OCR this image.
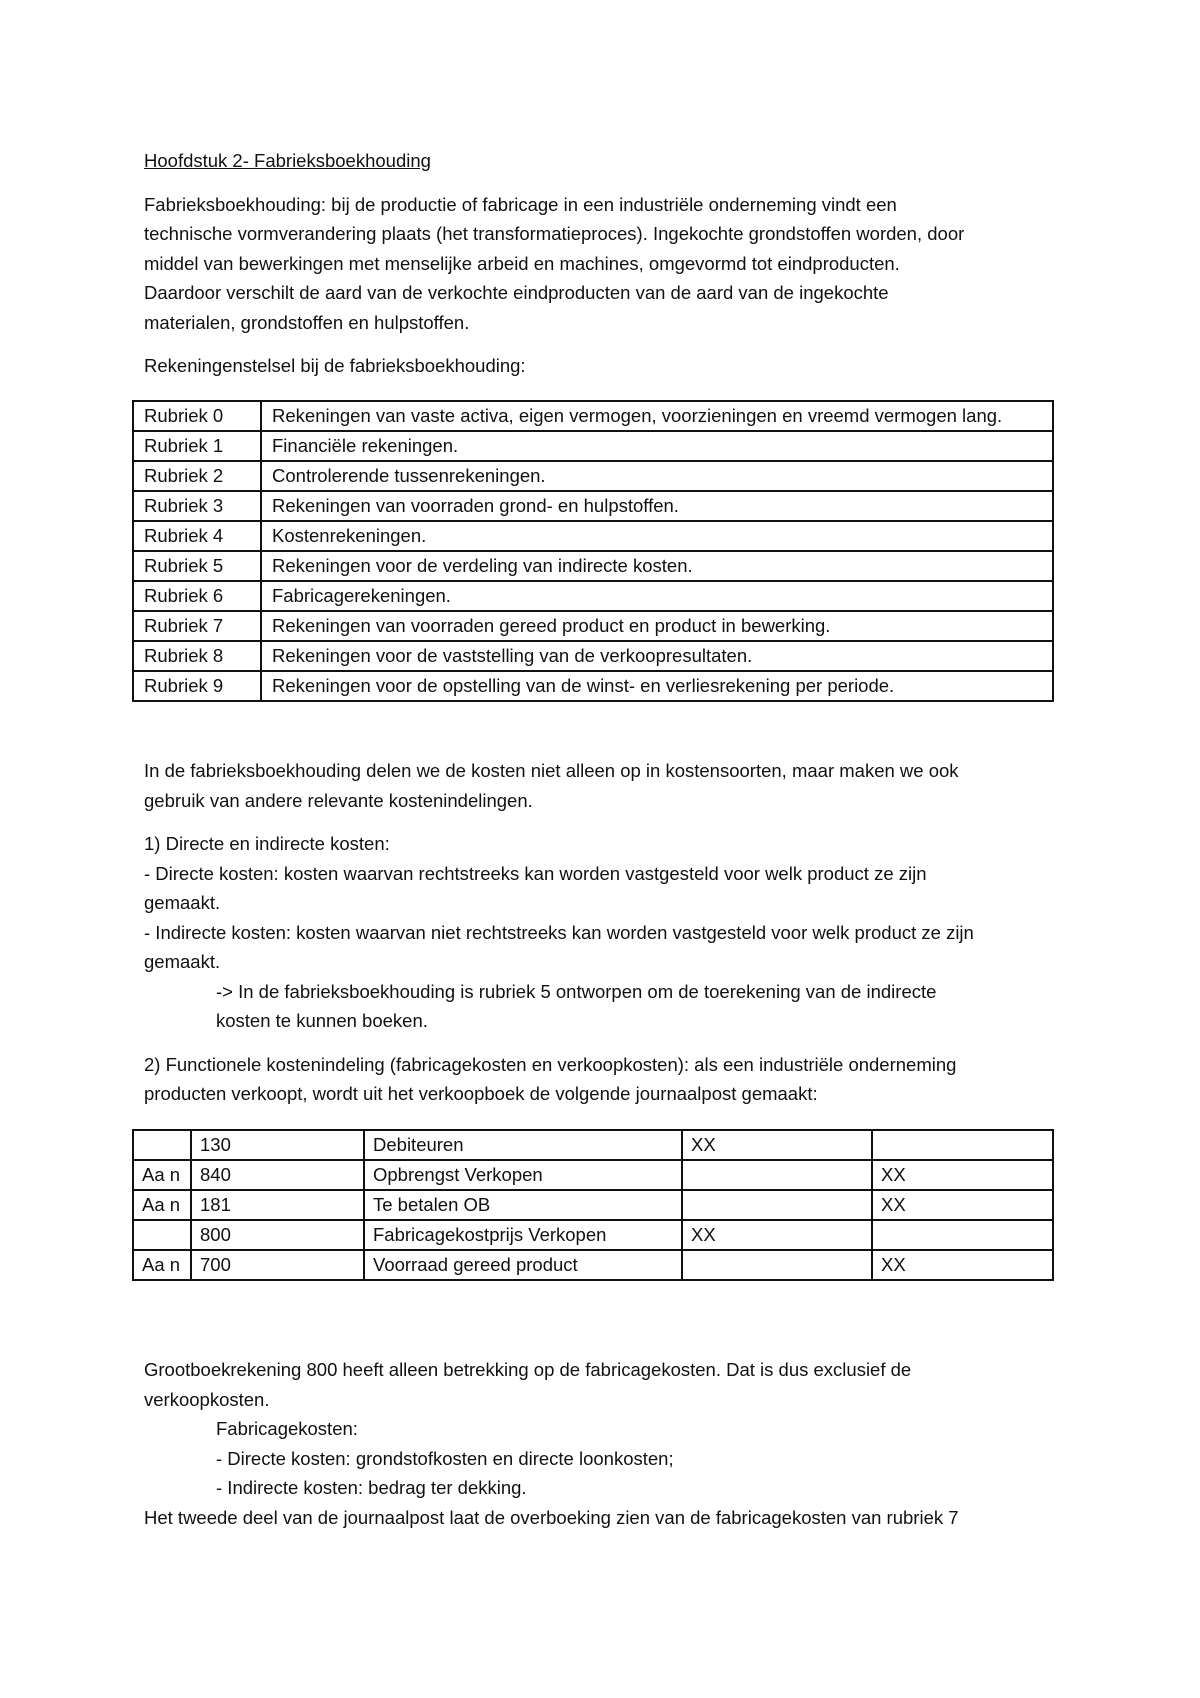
Hoofdstuk 2- Fabrieksboekhouding

Fabrieksboekhouding: bij de productie of fabricage in een industriële onderneming vindt een

technische vormverandering plaats (het transformatieproces). Ingekochte grondstoffen worden, door

middel van bewerkingen met menselijke arbeid en machines, omgevormd tot eindproducten.

Daardoor verschilt de aard van de verkochte eindproducten van de aard van de ingekochte

materialen, grondstoffen en hulpstoffen.

Rekeningenstelsel bij de fabrieksboekhouding:

Rubriek 0	Rekeningen van vaste activa, eigen vermogen, voorzieningen en vreemd vermogen lang.
Rubriek 1	Financiële rekeningen.
Rubriek 2	Controlerende tussenrekeningen.
Rubriek 3	Rekeningen van voorraden grond- en hulpstoffen.
Rubriek 4	Kostenrekeningen.
Rubriek 5	Rekeningen voor de verdeling van indirecte kosten.
Rubriek 6	Fabricagerekeningen.
Rubriek 7	Rekeningen van voorraden gereed product en product in bewerking.
Rubriek 8	Rekeningen voor de vaststelling van de verkoopresultaten.
Rubriek 9	Rekeningen voor de opstelling van de winst- en verliesrekening per periode.

In de fabrieksboekhouding delen we de kosten niet alleen op in kostensoorten, maar maken we ook

gebruik van andere relevante kostenindelingen.

1) Directe en indirecte kosten:

- Directe kosten: kosten waarvan rechtstreeks kan worden vastgesteld voor welk product ze zijn

gemaakt.

- Indirecte kosten: kosten waarvan niet rechtstreeks kan worden vastgesteld voor welk product ze zijn

gemaakt.

-> In de fabrieksboekhouding is rubriek 5 ontworpen om de toerekening van de indirecte

kosten te kunnen boeken.

2) Functionele kostenindeling (fabricagekosten en verkoopkosten): als een industriële onderneming

producten verkoopt, wordt uit het verkoopboek de volgende journaalpost gemaakt:

	130	Debiteuren	XX	
Aa n	840	Opbrengst Verkopen		XX
Aa n	181	Te betalen OB		XX
	800	Fabricagekostprijs Verkopen	XX	
Aa n	700	Voorraad gereed product		XX

Grootboekrekening 800 heeft alleen betrekking op de fabricagekosten. Dat is dus exclusief de

verkoopkosten.

Fabricagekosten:

- Directe kosten: grondstofkosten en directe loonkosten;

- Indirecte kosten: bedrag ter dekking.

Het tweede deel van de journaalpost laat de overboeking zien van de fabricagekosten van rubriek 7
